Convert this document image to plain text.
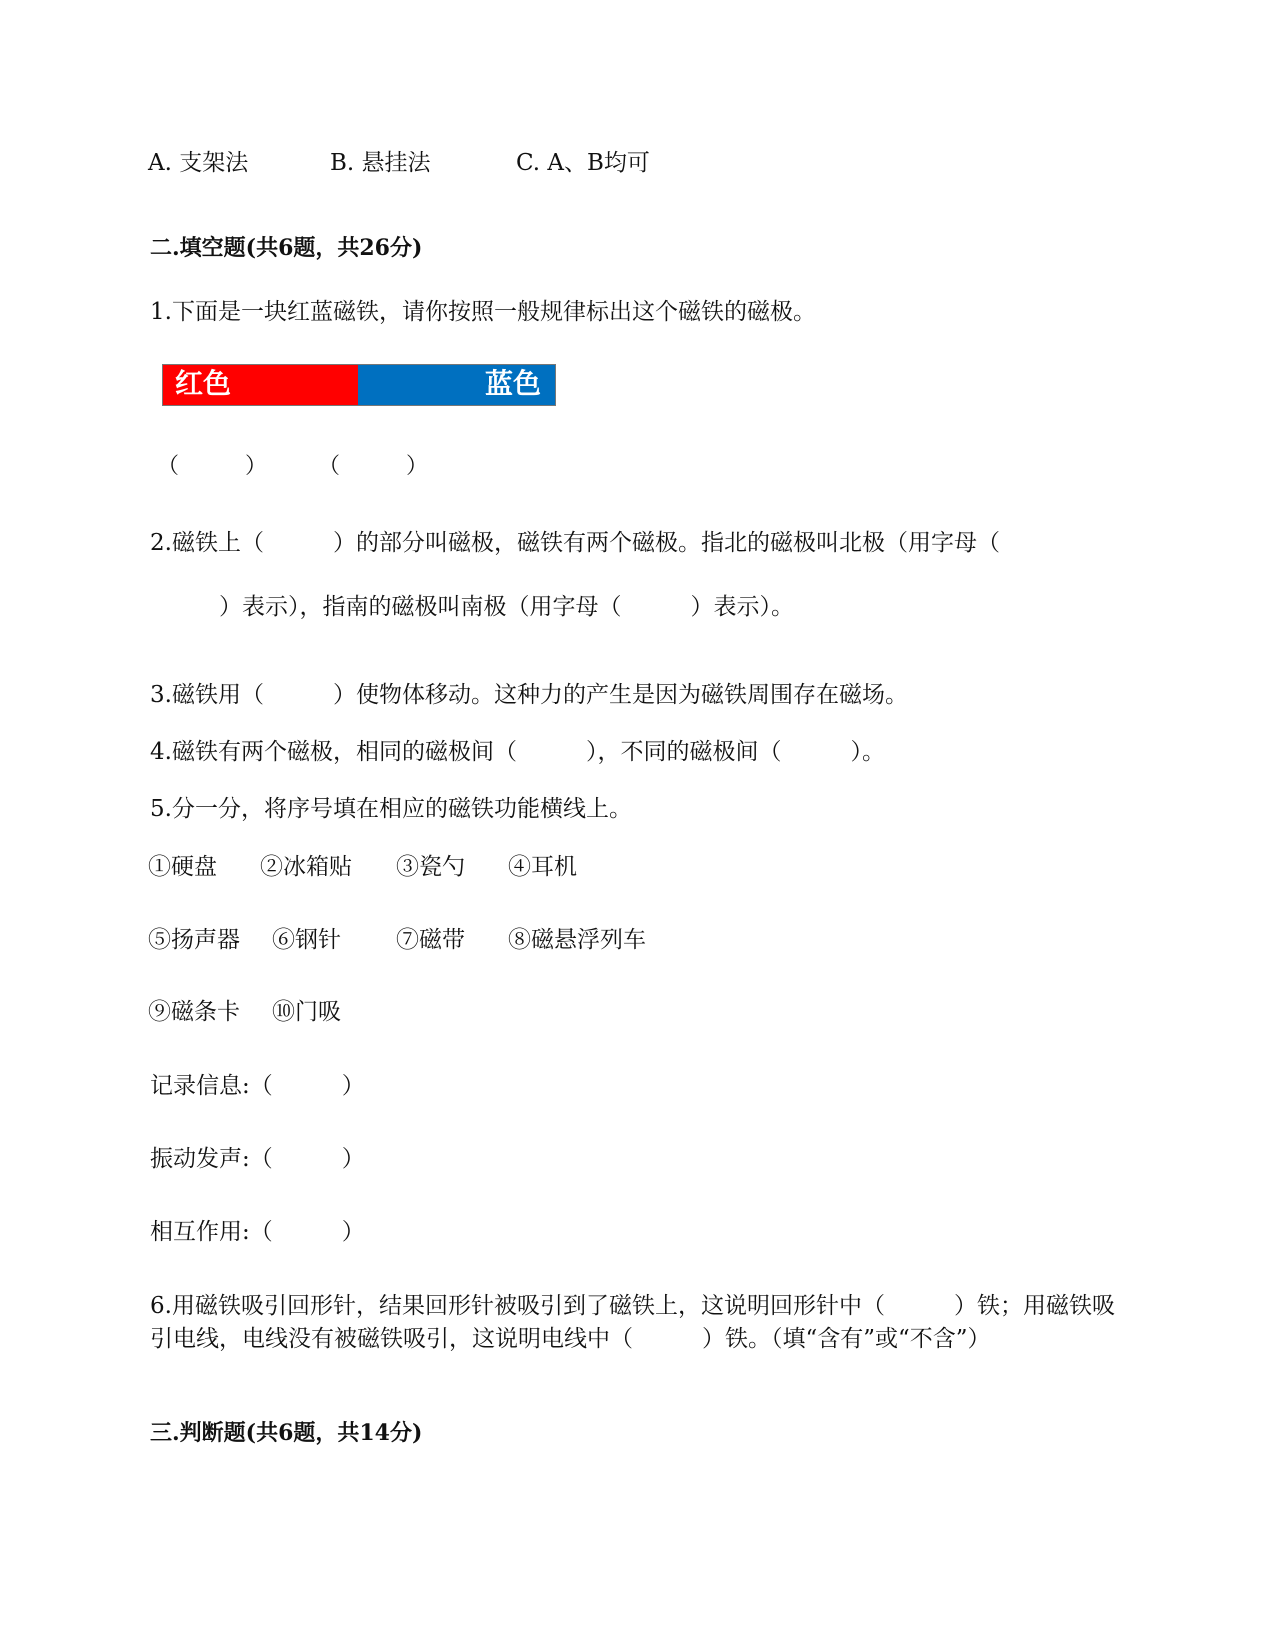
A. 支架法	B. 悬挂法	C. A、B均可
二.填空题(共6题，共26分)
1.下面是一块红蓝磁铁，请你按照一般规律标出这个磁铁的磁极。
红色	蓝色
（　　　） （　　　）
2.磁铁上（　　　）的部分叫磁极，磁铁有两个磁极。指北的磁极叫北极（用字母（
　　　）表示），指南的磁极叫南极（用字母（　　　）表示）。
3.磁铁用（　　　）使物体移动。这种力的产生是因为磁铁周围存在磁场。
4.磁铁有两个磁极，相同的磁极间（　　　），不同的磁极间（　　　）。
5.分一分，将序号填在相应的磁铁功能横线上。
①硬盘 ②冰箱贴 ③瓷勺 ④耳机
⑤扬声器 ⑥钢针 ⑦磁带 ⑧磁悬浮列车
⑨磁条卡 ⑩门吸
记录信息:（　　　）
振动发声:（　　　）
相互作用:（　　　）
6.用磁铁吸引回形针，结果回形针被吸引到了磁铁上，这说明回形针中（　　　）铁；用磁铁吸引电线，电线没有被磁铁吸引，这说明电线中（　　　）铁。（填“含有”或“不含”）
三.判断题(共6题，共14分)
